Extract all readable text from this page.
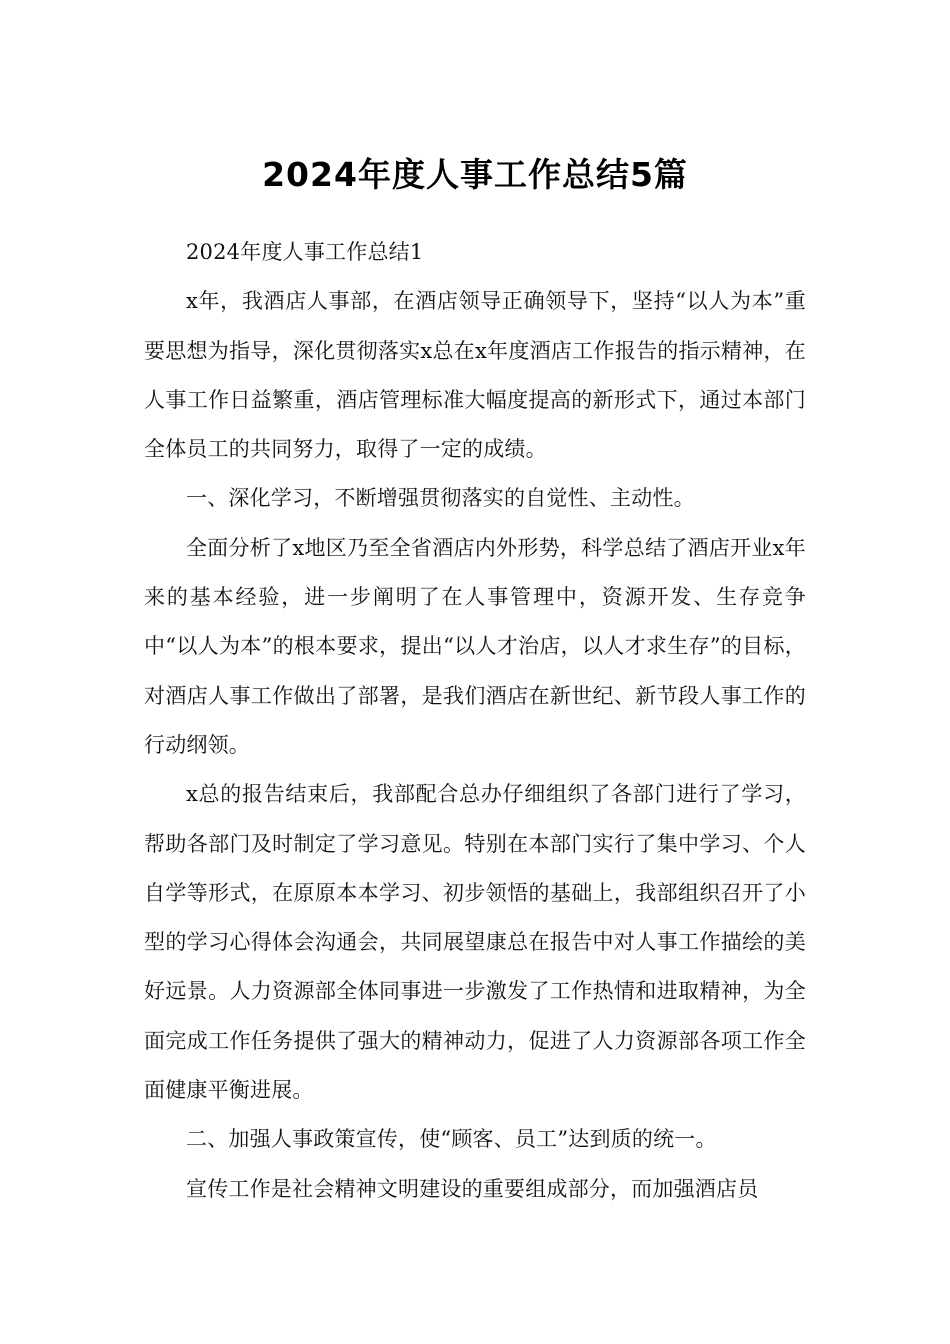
2024年度人事工作总结5篇

2024年度人事工作总结1

x年，我酒店人事部，在酒店领导正确领导下，坚持“以人为本”重要思想为指导，深化贯彻落实x总在x年度酒店工作报告的指示精神，在人事工作日益繁重，酒店管理标准大幅度提高的新形式下，通过本部门全体员工的共同努力，取得了一定的成绩。

一、深化学习，不断增强贯彻落实的自觉性、主动性。

全面分析了x地区乃至全省酒店内外形势，科学总结了酒店开业x年来的基本经验，进一步阐明了在人事管理中，资源开发、生存竞争中“以人为本”的根本要求，提出“以人才治店，以人才求生存”的目标，对酒店人事工作做出了部署，是我们酒店在新世纪、新节段人事工作的行动纲领。

x总的报告结束后，我部配合总办仔细组织了各部门进行了学习，帮助各部门及时制定了学习意见。特别在本部门实行了集中学习、个人自学等形式，在原原本本学习、初步领悟的基础上，我部组织召开了小型的学习心得体会沟通会，共同展望康总在报告中对人事工作描绘的美好远景。人力资源部全体同事进一步激发了工作热情和进取精神，为全面完成工作任务提供了强大的精神动力，促进了人力资源部各项工作全面健康平衡进展。

二、加强人事政策宣传，使“顾客、员工”达到质的统一。

宣传工作是社会精神文明建设的重要组成部分，而加强酒店员
